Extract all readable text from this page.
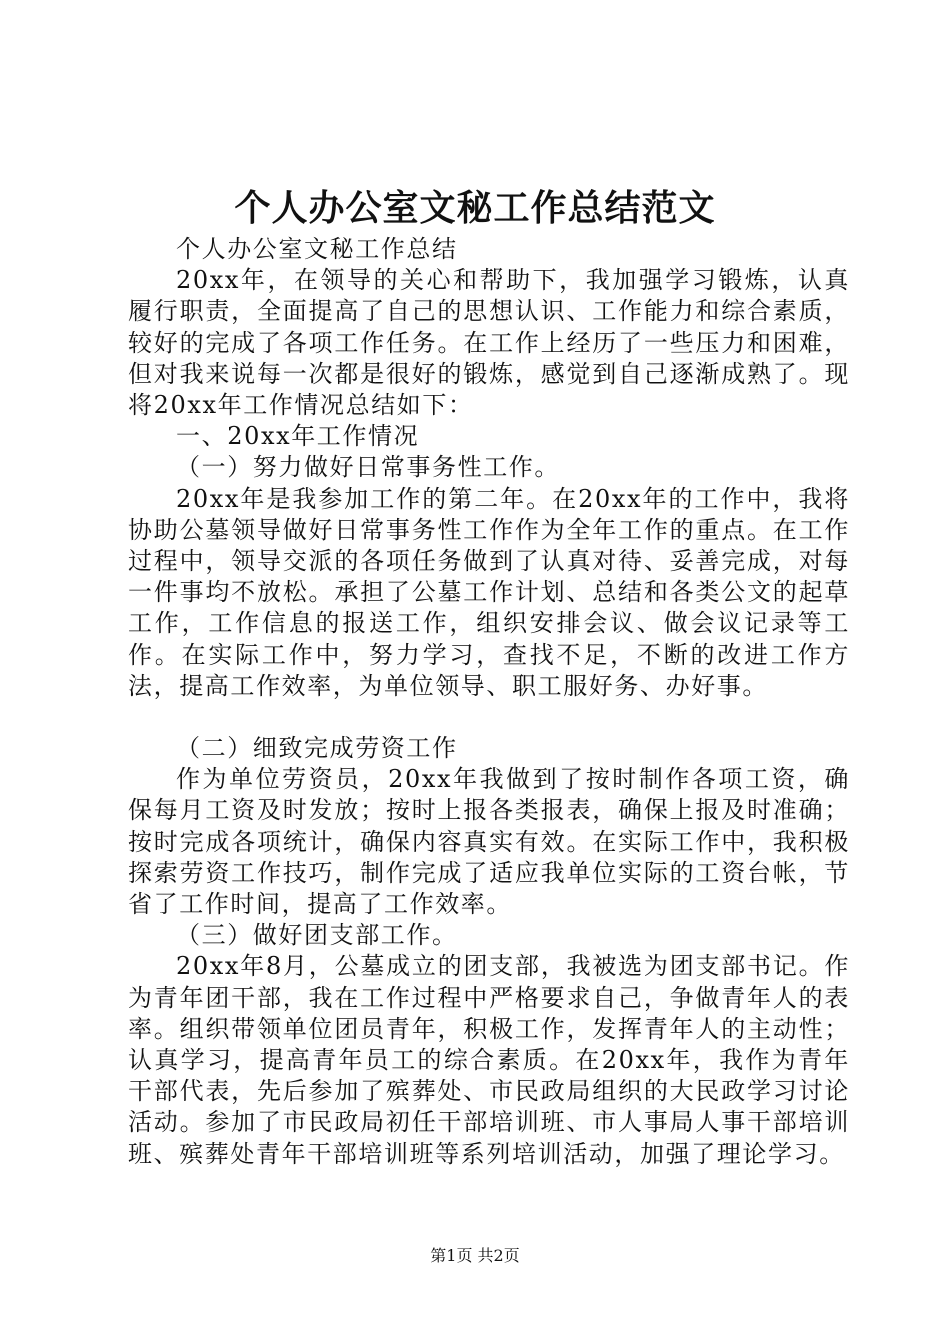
个人办公室文秘工作总结范文

个人办公室文秘工作总结

20xx年，在领导的关心和帮助下，我加强学习锻炼，认真履行职责，全面提高了自己的思想认识、工作能力和综合素质，较好的完成了各项工作任务。在工作上经历了一些压力和困难，但对我来说每一次都是很好的锻炼，感觉到自己逐渐成熟了。现将20xx年工作情况总结如下：

一、20xx年工作情况

（一）努力做好日常事务性工作。

20xx年是我参加工作的第二年。在20xx年的工作中，我将协助公墓领导做好日常事务性工作作为全年工作的重点。在工作过程中，领导交派的各项任务做到了认真对待、妥善完成，对每一件事均不放松。承担了公墓工作计划、总结和各类公文的起草工作，工作信息的报送工作，组织安排会议、做会议记录等工作。在实际工作中，努力学习，查找不足，不断的改进工作方法，提高工作效率，为单位领导、职工服好务、办好事。

（二）细致完成劳资工作

作为单位劳资员，20xx年我做到了按时制作各项工资，确保每月工资及时发放；按时上报各类报表，确保上报及时准确；按时完成各项统计，确保内容真实有效。在实际工作中，我积极探索劳资工作技巧，制作完成了适应我单位实际的工资台帐，节省了工作时间，提高了工作效率。

（三）做好团支部工作。

20xx年8月，公墓成立的团支部，我被选为团支部书记。作为青年团干部，我在工作过程中严格要求自己，争做青年人的表率。组织带领单位团员青年，积极工作，发挥青年人的主动性；认真学习，提高青年员工的综合素质。在20xx年，我作为青年干部代表，先后参加了殡葬处、市民政局组织的大民政学习讨论活动。参加了市民政局初任干部培训班、市人事局人事干部培训班、殡葬处青年干部培训班等系列培训活动，加强了理论学习。

第1页 共2页
